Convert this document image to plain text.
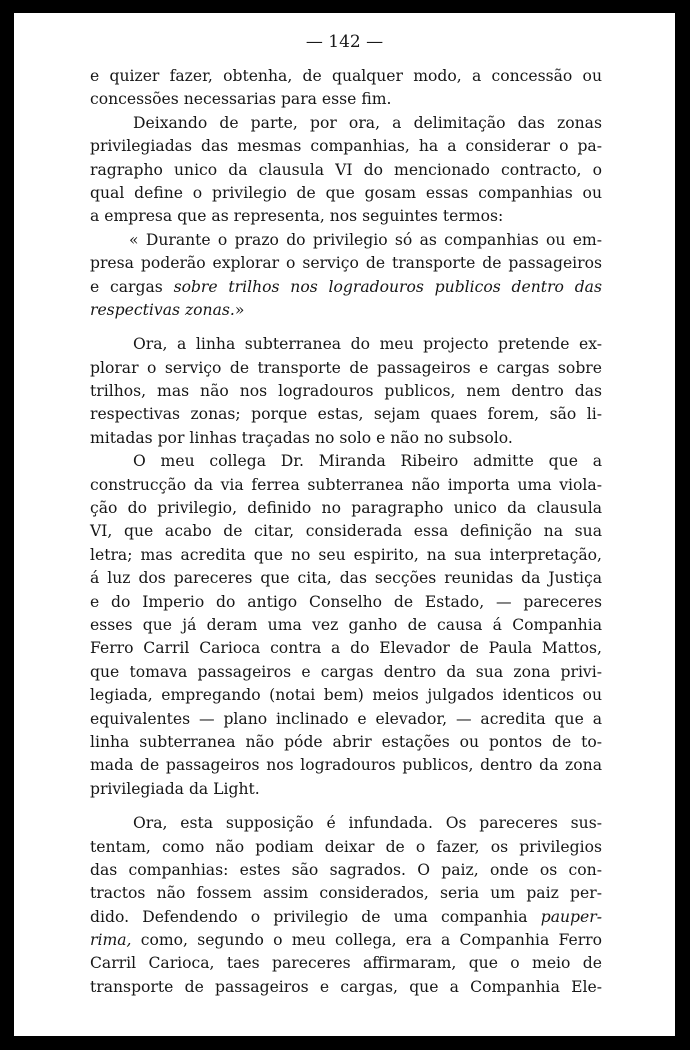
— 142 —
e quizer fazer, obtenha, de qualquer modo, a concessão ou
concessões necessarias para esse fim.
Deixando de parte, por ora, a delimitação das zonas
privilegiadas das mesmas companhias, ha a considerar o pa-
ragrapho unico da clausula VI do mencionado contracto, o
qual define o privilegio de que gosam essas companhias ou
a empresa que as representa, nos seguintes termos:
« Durante o prazo do privilegio só as companhias ou em-
presa poderão explorar o serviço de transporte de passageiros
e cargas sobre trilhos nos logradouros publicos dentro das
respectivas zonas.»
Ora, a linha subterranea do meu projecto pretende ex-
plorar o serviço de transporte de passageiros e cargas sobre
trilhos, mas não nos logradouros publicos, nem dentro das
respectivas zonas; porque estas, sejam quaes forem, são li-
mitadas por linhas traçadas no solo e não no subsolo.
O meu collega Dr. Miranda Ribeiro admitte que a
construcção da via ferrea subterranea não importa uma viola-
ção do privilegio, definido no paragrapho unico da clausula
VI, que acabo de citar, considerada essa definição na sua
letra; mas acredita que no seu espirito, na sua interpretação,
á luz dos pareceres que cita, das secções reunidas da Justiça
e do Imperio do antigo Conselho de Estado, — pareceres
esses que já deram uma vez ganho de causa á Companhia
Ferro Carril Carioca contra a do Elevador de Paula Mattos,
que tomava passageiros e cargas dentro da sua zona privi-
legiada, empregando (notai bem) meios julgados identicos ou
equivalentes — plano inclinado e elevador, — acredita que a
linha subterranea não póde abrir estações ou pontos de to-
mada de passageiros nos logradouros publicos, dentro da zona
privilegiada da Light.
Ora, esta supposição é infundada. Os pareceres sus-
tentam, como não podiam deixar de o fazer, os privilegios
das companhias: estes são sagrados. O paiz, onde os con-
tractos não fossem assim considerados, seria um paiz per-
dido. Defendendo o privilegio de uma companhia pauper-
rima, como, segundo o meu collega, era a Companhia Ferro
Carril Carioca, taes pareceres affirmaram, que o meio de
transporte de passageiros e cargas, que a Companhia Ele-
